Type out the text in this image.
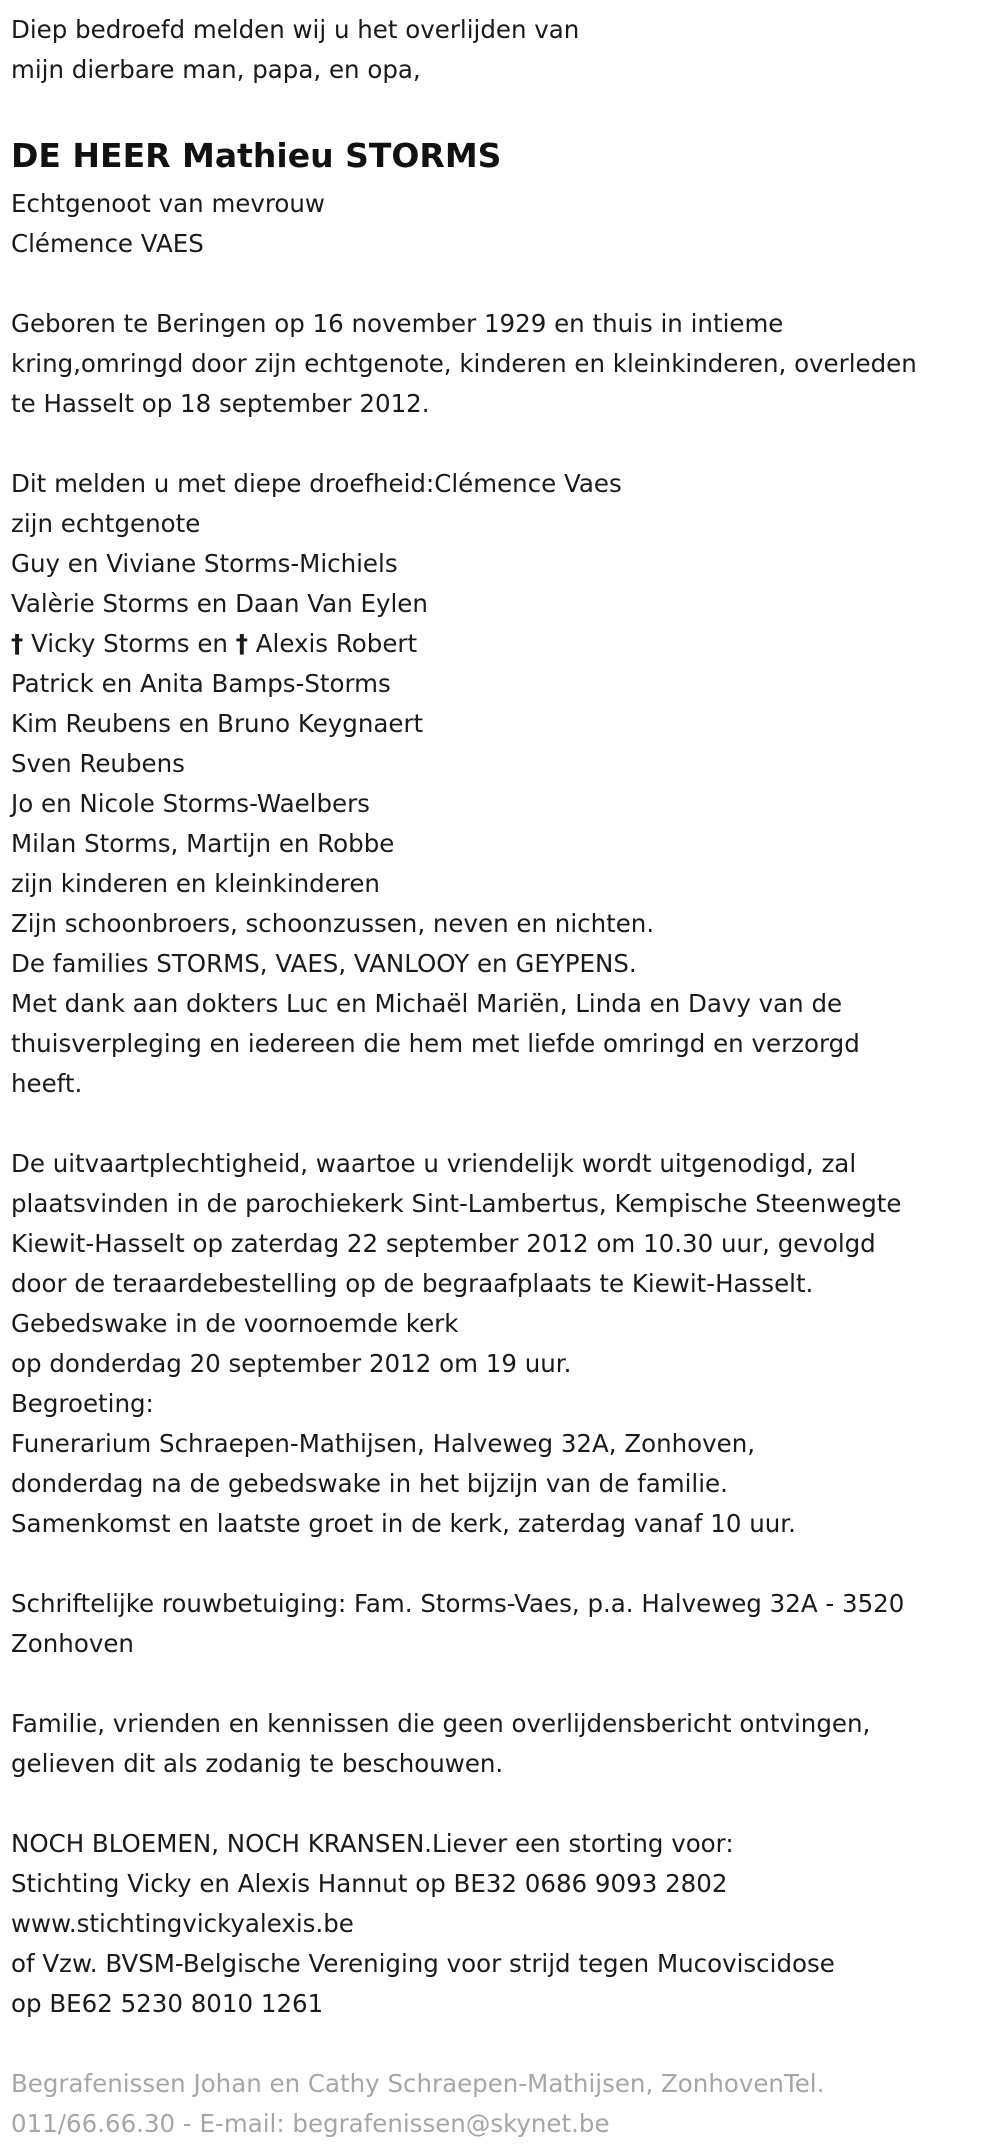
Diep bedroefd melden wij u het overlijden van
mijn dierbare man, papa, en opa,
DE HEER Mathieu STORMS
Echtgenoot van mevrouw
Clémence VAES
Geboren te Beringen op 16 november 1929 en thuis in intieme
kring,omringd door zijn echtgenote, kinderen en kleinkinderen, overleden
te Hasselt op 18 september 2012.
Dit melden u met diepe droefheid:Clémence Vaes
zijn echtgenote
Guy en Viviane Storms-Michiels
Valèrie Storms en Daan Van Eylen
† Vicky Storms en † Alexis Robert
Patrick en Anita Bamps-Storms
Kim Reubens en Bruno Keygnaert
Sven Reubens
Jo en Nicole Storms-Waelbers
Milan Storms, Martijn en Robbe
zijn kinderen en kleinkinderen
Zijn schoonbroers, schoonzussen, neven en nichten.
De families STORMS, VAES, VANLOOY en GEYPENS.
Met dank aan dokters Luc en Michaël Mariën, Linda en Davy van de
thuisverpleging en iedereen die hem met liefde omringd en verzorgd
heeft.
De uitvaartplechtigheid, waartoe u vriendelijk wordt uitgenodigd, zal
plaatsvinden in de parochiekerk Sint-Lambertus, Kempische Steenwegte
Kiewit-Hasselt op zaterdag 22 september 2012 om 10.30 uur, gevolgd
door de teraardebestelling op de begraafplaats te Kiewit-Hasselt.
Gebedswake in de voornoemde kerk
op donderdag 20 september 2012 om 19 uur.
Begroeting:
Funerarium Schraepen-Mathijsen, Halveweg 32A, Zonhoven,
donderdag na de gebedswake in het bijzijn van de familie.
Samenkomst en laatste groet in de kerk, zaterdag vanaf 10 uur.
Schriftelijke rouwbetuiging: Fam. Storms-Vaes, p.a. Halveweg 32A - 3520
Zonhoven
Familie, vrienden en kennissen die geen overlijdensbericht ontvingen,
gelieven dit als zodanig te beschouwen.
NOCH BLOEMEN, NOCH KRANSEN.Liever een storting voor:
Stichting Vicky en Alexis Hannut op BE32 0686 9093 2802
www.stichtingvickyalexis.be
of Vzw. BVSM-Belgische Vereniging voor strijd tegen Mucoviscidose
op BE62 5230 8010 1261
Begrafenissen Johan en Cathy Schraepen-Mathijsen, ZonhovenTel.
011/66.66.30 - E-mail: begrafenissen@skynet.be
